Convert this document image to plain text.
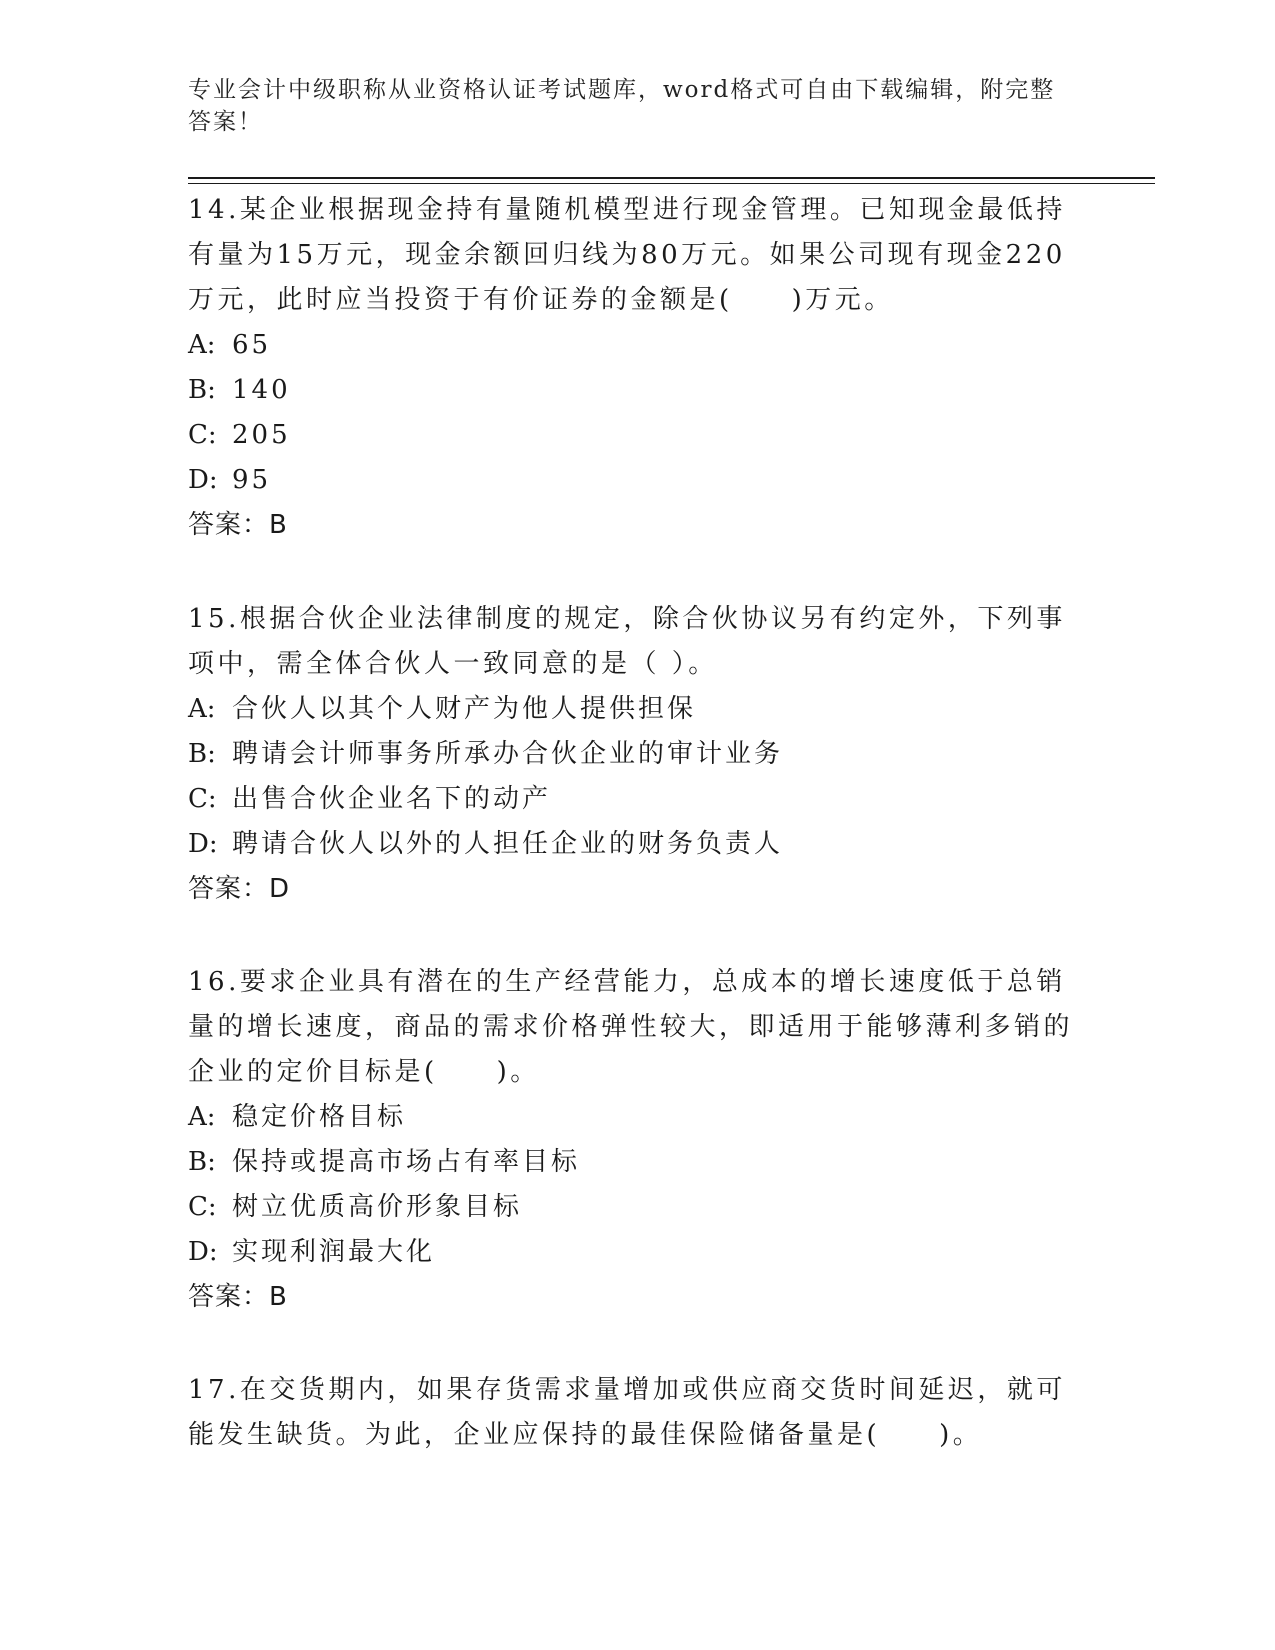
专业会计中级职称从业资格认证考试题库，word格式可自由下载编辑，附完整答案！

14.某企业根据现金持有量随机模型进行现金管理。已知现金最低持有量为15万元，现金余额回归线为80万元。如果公司现有现金220万元，此时应当投资于有价证券的金额是(　　)万元。

A: 65

B: 140

C: 205

D: 95

答案：B

15.根据合伙企业法律制度的规定，除合伙协议另有约定外，下列事项中，需全体合伙人一致同意的是（ ）。

A: 合伙人以其个人财产为他人提供担保

B: 聘请会计师事务所承办合伙企业的审计业务

C: 出售合伙企业名下的动产

D: 聘请合伙人以外的人担任企业的财务负责人

答案：D

16.要求企业具有潜在的生产经营能力，总成本的增长速度低于总销量的增长速度，商品的需求价格弹性较大，即适用于能够薄利多销的企业的定价目标是(　　)。

A: 稳定价格目标

B: 保持或提高市场占有率目标

C: 树立优质高价形象目标

D: 实现利润最大化

答案：B

17.在交货期内，如果存货需求量增加或供应商交货时间延迟，就可能发生缺货。为此，企业应保持的最佳保险储备量是(　　)。
